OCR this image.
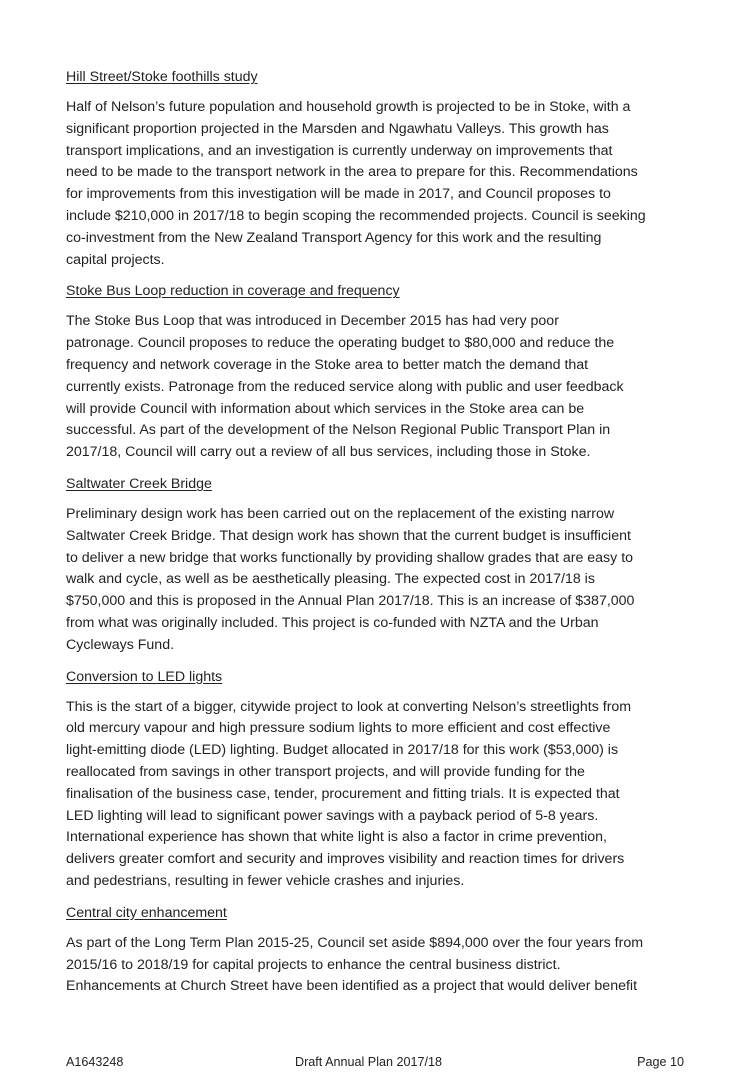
Hill Street/Stoke foothills study
Half of Nelson’s future population and household growth is projected to be in Stoke, with a
significant proportion projected in the Marsden and Ngawhatu Valleys. This growth has
transport implications, and an investigation is currently underway on improvements that
need to be made to the transport network in the area to prepare for this. Recommendations
for improvements from this investigation will be made in 2017, and Council proposes to
include $210,000 in 2017/18 to begin scoping the recommended projects. Council is seeking
co-investment from the New Zealand Transport Agency for this work and the resulting
capital projects.
Stoke Bus Loop reduction in coverage and frequency
The Stoke Bus Loop that was introduced in December 2015 has had very poor
patronage. Council proposes to reduce the operating budget to $80,000 and reduce the
frequency and network coverage in the Stoke area to better match the demand that
currently exists. Patronage from the reduced service along with public and user feedback
will provide Council with information about which services in the Stoke area can be
successful. As part of the development of the Nelson Regional Public Transport Plan in
2017/18, Council will carry out a review of all bus services, including those in Stoke.
Saltwater Creek Bridge
Preliminary design work has been carried out on the replacement of the existing narrow
Saltwater Creek Bridge. That design work has shown that the current budget is insufficient
to deliver a new bridge that works functionally by providing shallow grades that are easy to
walk and cycle, as well as be aesthetically pleasing. The expected cost in 2017/18 is
$750,000 and this is proposed in the Annual Plan 2017/18. This is an increase of $387,000
from what was originally included. This project is co-funded with NZTA and the Urban
Cycleways Fund.
Conversion to LED lights
This is the start of a bigger, citywide project to look at converting Nelson’s streetlights from
old mercury vapour and high pressure sodium lights to more efficient and cost effective
light-emitting diode (LED) lighting. Budget allocated in 2017/18 for this work ($53,000) is
reallocated from savings in other transport projects, and will provide funding for the
finalisation of the business case, tender, procurement and fitting trials. It is expected that
LED lighting will lead to significant power savings with a payback period of 5-8 years.
International experience has shown that white light is also a factor in crime prevention,
delivers greater comfort and security and improves visibility and reaction times for drivers
and pedestrians, resulting in fewer vehicle crashes and injuries.
Central city enhancement
As part of the Long Term Plan 2015-25, Council set aside $894,000 over the four years from
2015/16 to 2018/19 for capital projects to enhance the central business district.
Enhancements at Church Street have been identified as a project that would deliver benefit
A1643248	Draft Annual Plan 2017/18	Page 10
